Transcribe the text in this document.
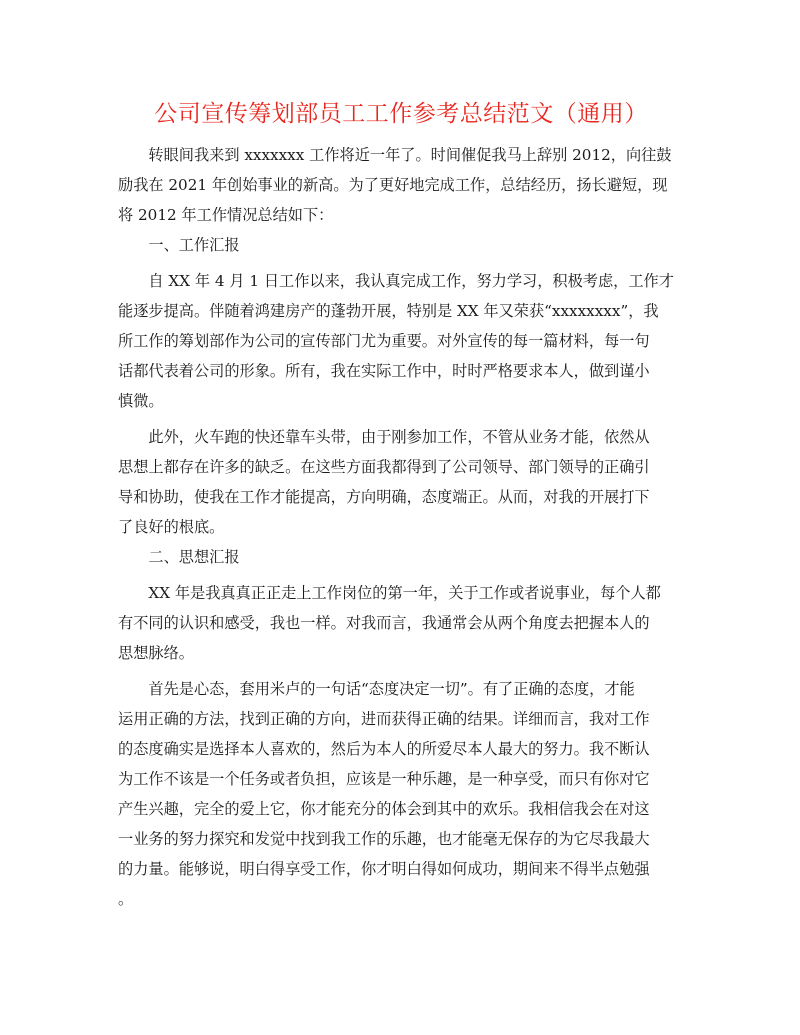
公司宣传筹划部员工工作参考总结范文（通用）
转眼间我来到 xxxxxxx 工作将近一年了。时间催促我马上辞别 2012，向往鼓
励我在 2021 年创始事业的新高。为了更好地完成工作，总结经历，扬长避短，现
将 2012 年工作情况总结如下：
一、工作汇报
自 XX 年 4 月 1 日工作以来，我认真完成工作，努力学习，积极考虑，工作才
能逐步提高。伴随着鸿建房产的蓬勃开展，特别是 XX 年又荣获“xxxxxxxx”，我
所工作的筹划部作为公司的宣传部门尤为重要。对外宣传的每一篇材料，每一句
话都代表着公司的形象。所有，我在实际工作中，时时严格要求本人，做到谨小
慎微。
此外，火车跑的快还靠车头带，由于刚参加工作，不管从业务才能，依然从
思想上都存在许多的缺乏。在这些方面我都得到了公司领导、部门领导的正确引
导和协助，使我在工作才能提高，方向明确，态度端正。从而，对我的开展打下
了良好的根底。
二、思想汇报
XX 年是我真真正正走上工作岗位的第一年，关于工作或者说事业，每个人都
有不同的认识和感受，我也一样。对我而言，我通常会从两个角度去把握本人的
思想脉络。
首先是心态，套用米卢的一句话“态度决定一切”。有了正确的态度，才能
运用正确的方法，找到正确的方向，进而获得正确的结果。详细而言，我对工作
的态度确实是选择本人喜欢的，然后为本人的所爱尽本人最大的努力。我不断认
为工作不该是一个任务或者负担，应该是一种乐趣，是一种享受，而只有你对它
产生兴趣，完全的爱上它，你才能充分的体会到其中的欢乐。我相信我会在对这
一业务的努力探究和发觉中找到我工作的乐趣，也才能毫无保存的为它尽我最大
的力量。能够说，明白得享受工作，你才明白得如何成功，期间来不得半点勉强
。
